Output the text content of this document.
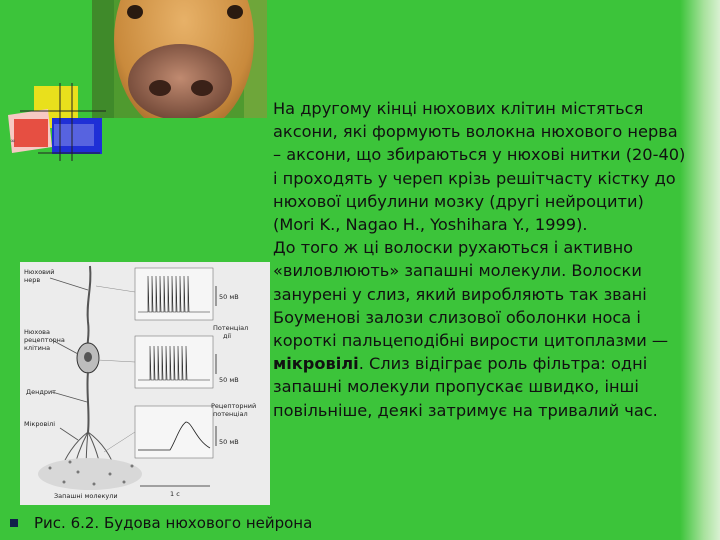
∞

На другому кінці нюхових клітин містяться аксони, які формують волокна нюхового нерва – аксони, що збираються у нюхові нитки (20-40) і проходять у череп крізь решітчасту кістку до нюхової цибулини мозку (другі нейроцити) (Mori K., Nagao H., Yoshihara Y., 1999).

До того ж ці волоски рухаються і активно «виловлюють» запашні молекули. Волоски занурені у слиз, який виробляють так звані Боуменові залози слизової оболонки носа і короткі пальцеподібні вирости цитоплазми — мікровілі. Слиз відіграє роль фільтра: одні запашні молекули пропускає швидко, інші повільніше, деякі затримує на тривалий час.

Нюховий
нерв
Нюхова
рецепторна
клітина
Дендрит
Мікровілі
Запашні молекули
50 мВ
50 мВ
50 мВ
Потенціал
дії
Рецепторний
потенціал
1 с
Рис. 6.2. Будова нюхового нейрона
